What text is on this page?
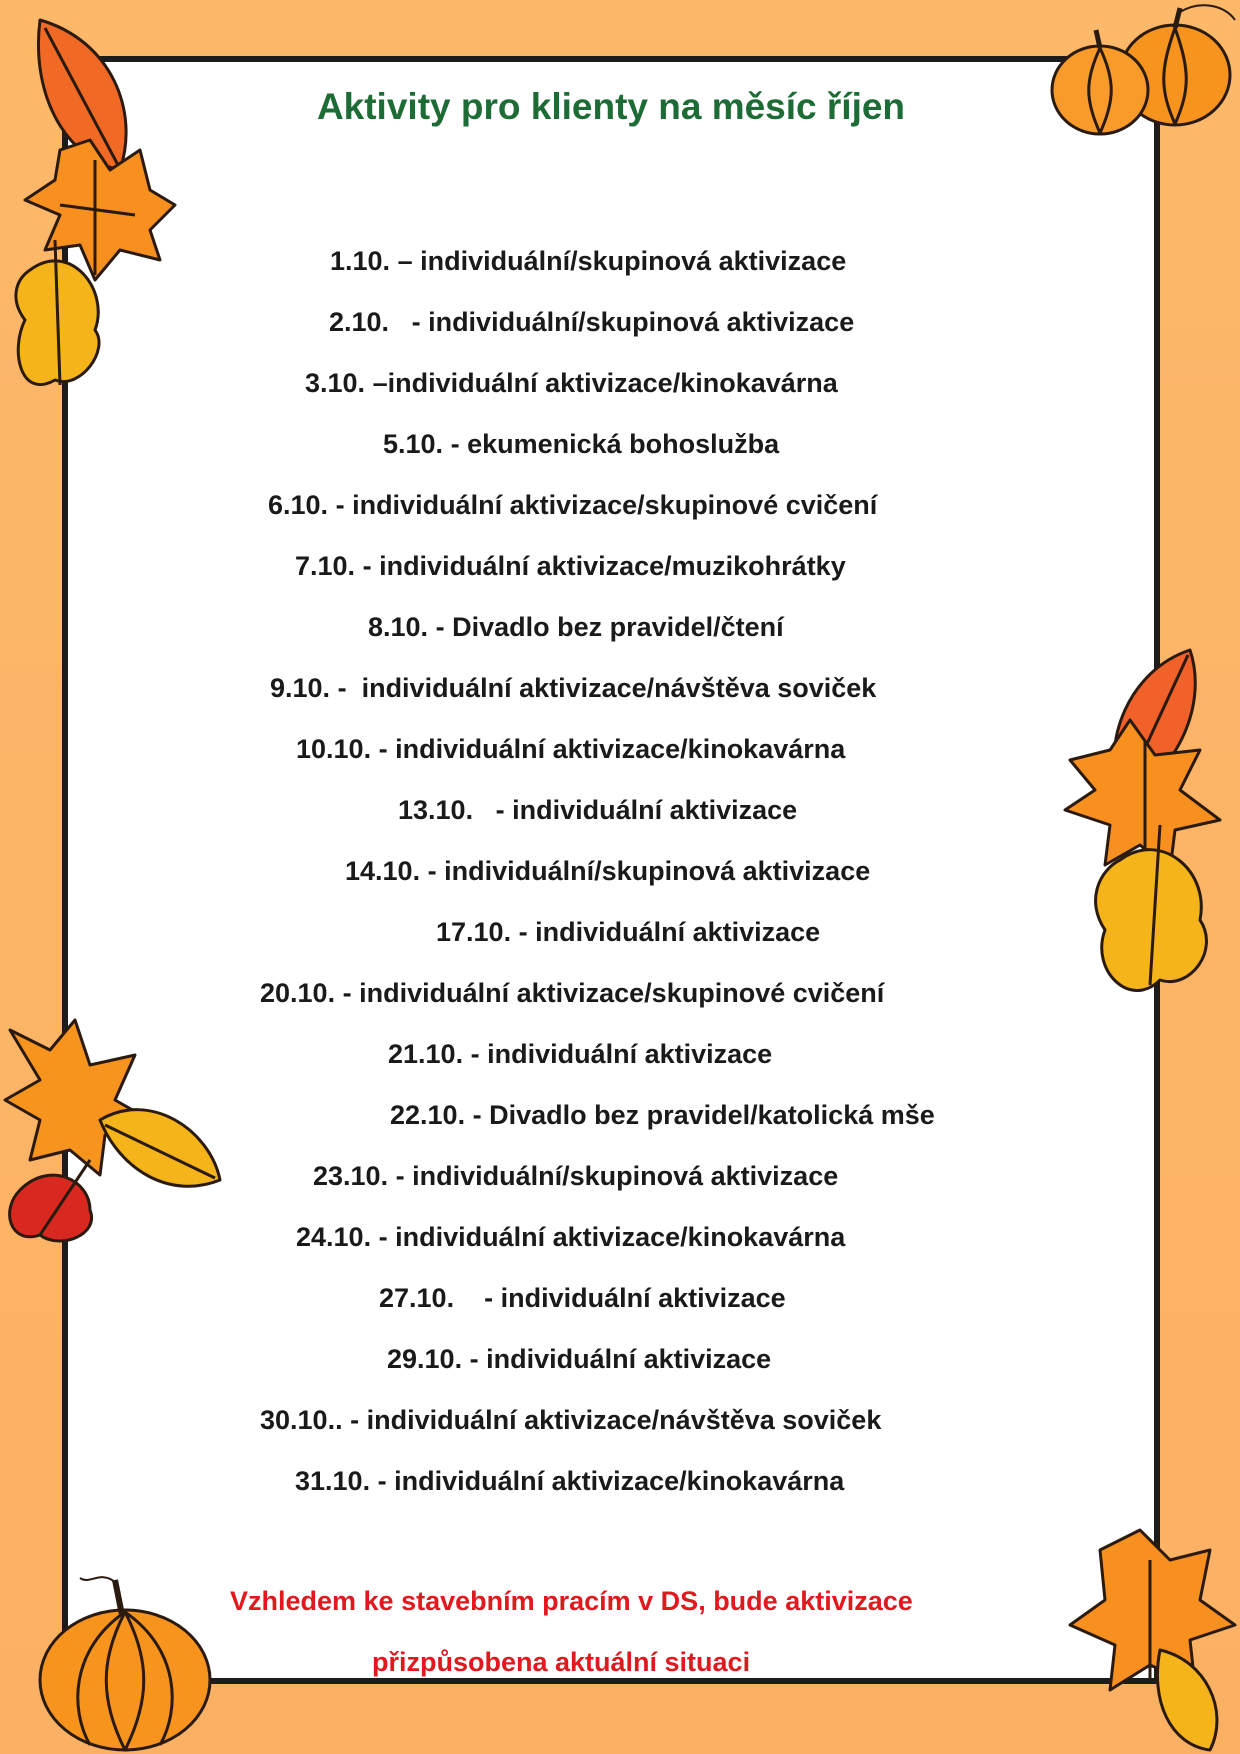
Aktivity pro klienty na měsíc říjen
1.10. – individuální/skupinová aktivizace
2.10.   - individuální/skupinová aktivizace
3.10. –individuální aktivizace/kinokavárna
5.10. - ekumenická bohoslužba
6.10. - individuální aktivizace/skupinové cvičení
7.10. - individuální aktivizace/muzikohrátky
8.10. - Divadlo bez pravidel/čtení
9.10. -  individuální aktivizace/návštěva soviček
10.10. - individuální aktivizace/kinokavárna
13.10.   - individuální aktivizace
14.10. - individuální/skupinová aktivizace
17.10. - individuální aktivizace
20.10. - individuální aktivizace/skupinové cvičení
21.10. - individuální aktivizace
22.10. - Divadlo bez pravidel/katolická mše
23.10. - individuální/skupinová aktivizace
24.10. - individuální aktivizace/kinokavárna
27.10.    - individuální aktivizace
29.10. - individuální aktivizace
30.10.. - individuální aktivizace/návštěva soviček
31.10. - individuální aktivizace/kinokavárna

Vzhledem ke stavebním pracím v DS, bude aktivizace

přizpůsobena aktuální situaci
